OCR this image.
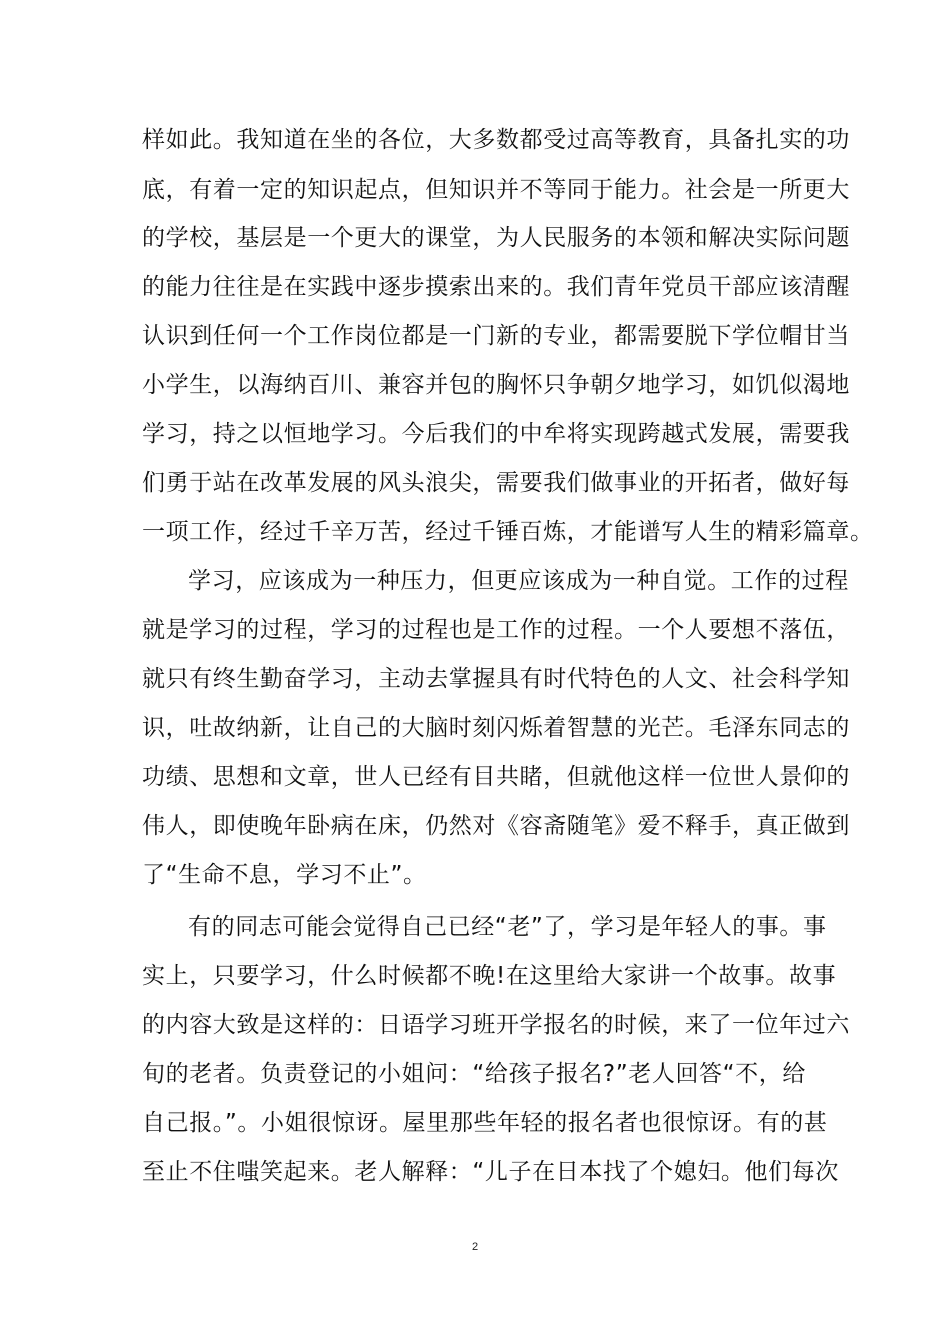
样如此。我知道在坐的各位，大多数都受过高等教育，具备扎实的功
底，有着一定的知识起点，但知识并不等同于能力。社会是一所更大
的学校，基层是一个更大的课堂，为人民服务的本领和解决实际问题
的能力往往是在实践中逐步摸索出来的。我们青年党员干部应该清醒
认识到任何一个工作岗位都是一门新的专业，都需要脱下学位帽甘当
小学生，以海纳百川、兼容并包的胸怀只争朝夕地学习，如饥似渴地
学习，持之以恒地学习。今后我们的中牟将实现跨越式发展，需要我
们勇于站在改革发展的风头浪尖，需要我们做事业的开拓者，做好每
一项工作，经过千辛万苦，经过千锤百炼，才能谱写人生的精彩篇章。
学习，应该成为一种压力，但更应该成为一种自觉。工作的过程
就是学习的过程，学习的过程也是工作的过程。一个人要想不落伍，
就只有终生勤奋学习，主动去掌握具有时代特色的人文、社会科学知
识，吐故纳新，让自己的大脑时刻闪烁着智慧的光芒。毛泽东同志的
功绩、思想和文章，世人已经有目共睹，但就他这样一位世人景仰的
伟人，即使晚年卧病在床，仍然对《容斋随笔》爱不释手，真正做到
了“生命不息，学习不止”。
有的同志可能会觉得自己已经“老”了，学习是年轻人的事。事
实上，只要学习，什么时候都不晚!在这里给大家讲一个故事。故事
的内容大致是这样的：日语学习班开学报名的时候，来了一位年过六
旬的老者。负责登记的小姐问：“给孩子报名?”老人回答“不，给
自己报。”。小姐很惊讶。屋里那些年轻的报名者也很惊讶。有的甚
至止不住嗤笑起来。老人解释：“儿子在日本找了个媳妇。他们每次
2
